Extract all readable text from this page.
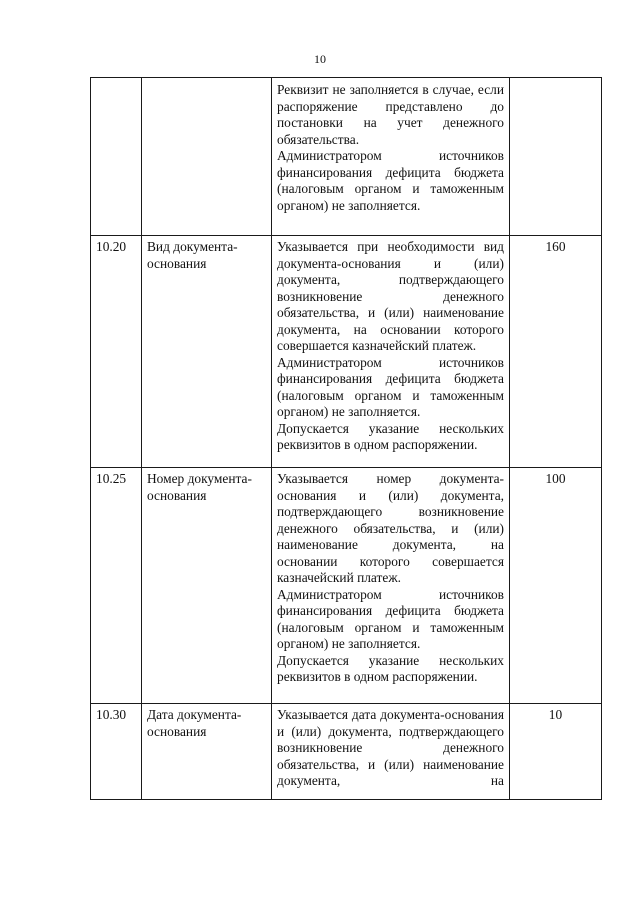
10

		Реквизит не заполняется в случае, если распоряжение представлено до постановки на учет денежного обязательства.
Администратором источников финансирования дефицита бюджета (налоговым органом и таможенным органом) не заполняется.	

10.20	Вид документа-основания	Указывается при необходимости вид документа-основания и (или) документа, подтверждающего возникновение денежного обязательства, и (или) наименование документа, на основании которого совершается казначейский платеж.
Администратором источников финансирования дефицита бюджета (налоговым органом и таможенным органом) не заполняется.
Допускается указание нескольких реквизитов в одном распоряжении.	160
10.25	Номер документа-основания	Указывается номер документа-основания и (или) документа, подтверждающего возникновение денежного обязательства, и (или) наименование документа, на основании которого совершается казначейский платеж.
Администратором источников финансирования дефицита бюджета (налоговым органом и таможенным органом) не заполняется.
Допускается указание нескольких реквизитов в одном распоряжении.	100
10.30	Дата документа-основания	Указывается дата документа-основания и (или) документа, подтверждающего возникновение денежного обязательства, и (или) наименование документа, на	10
